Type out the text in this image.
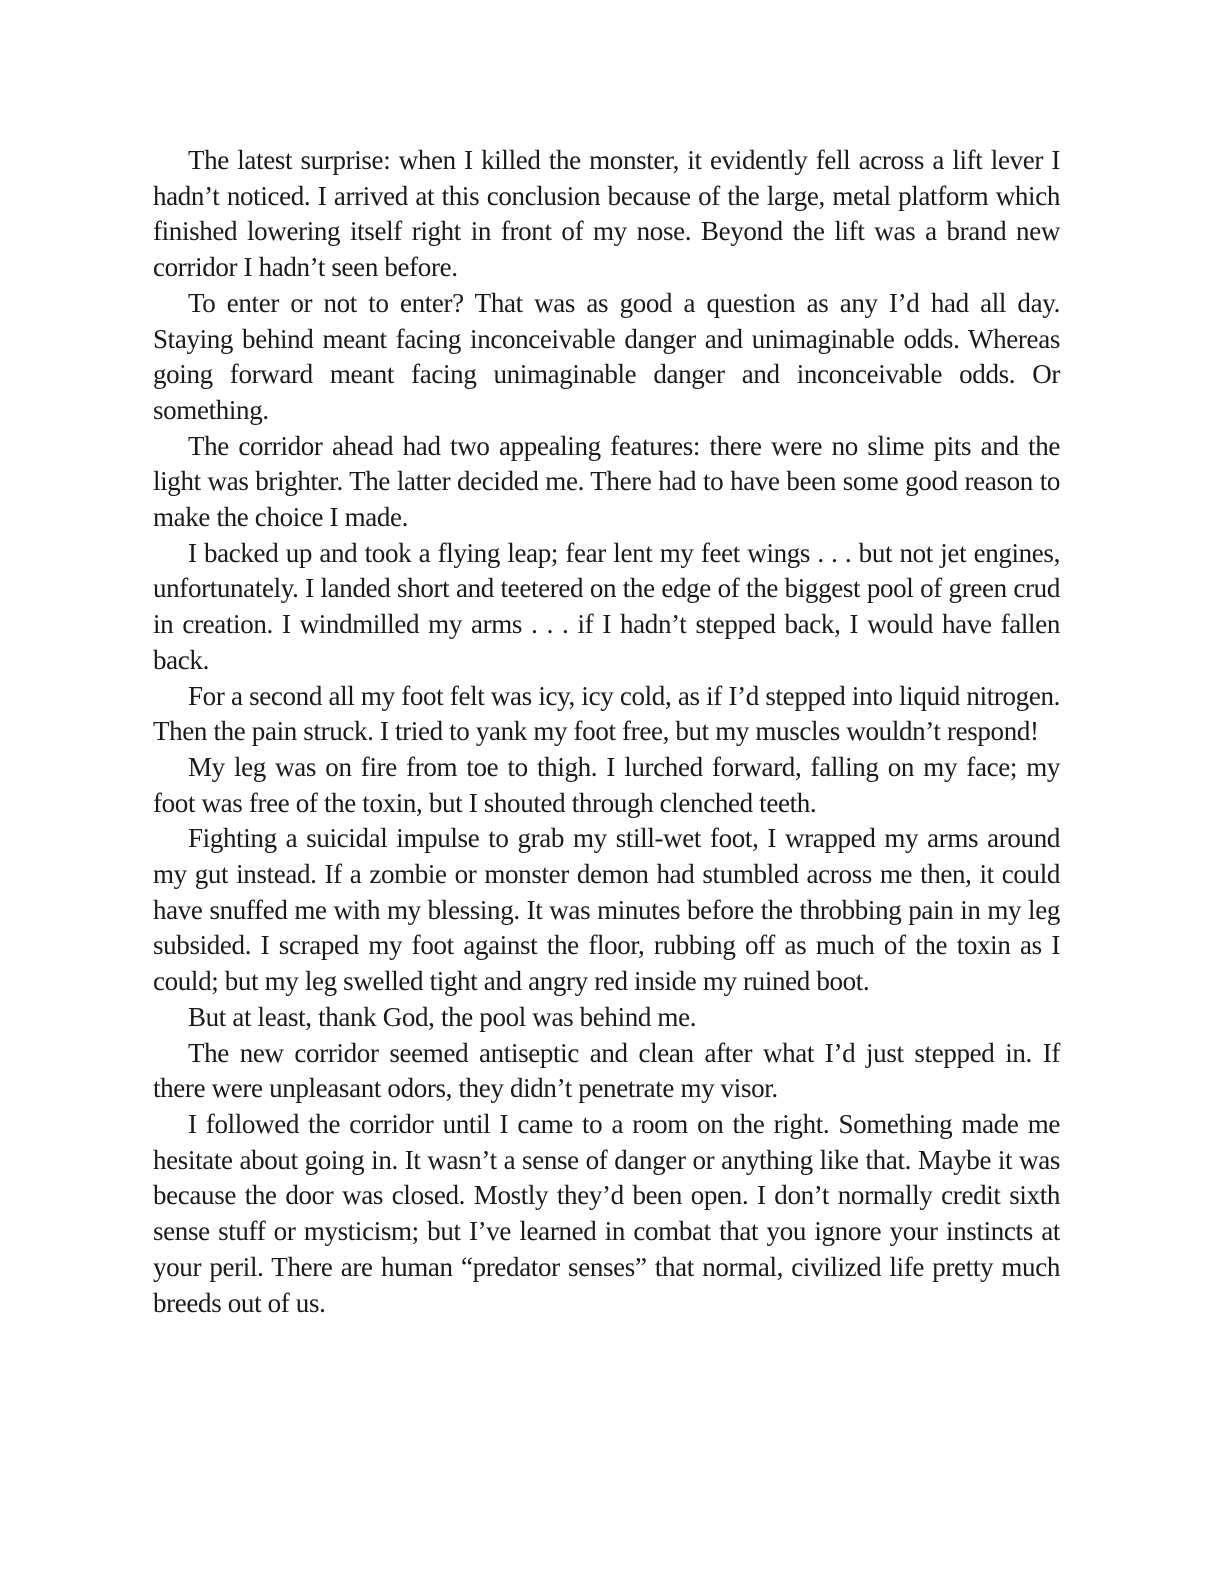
The latest surprise: when I killed the monster, it evidently fell across a lift lever I hadn’t noticed. I arrived at this conclusion because of the large, metal platform which finished lowering itself right in front of my nose. Beyond the lift was a brand new corridor I hadn’t seen before.

To enter or not to enter? That was as good a question as any I’d had all day. Staying behind meant facing inconceivable danger and unimaginable odds. Whereas going forward meant facing unimaginable danger and inconceivable odds. Or something.

The corridor ahead had two appealing features: there were no slime pits and the light was brighter. The latter decided me. There had to have been some good reason to make the choice I made.

I backed up and took a flying leap; fear lent my feet wings . . . but not jet engines, unfortunately. I landed short and teetered on the edge of the biggest pool of green crud in creation. I windmilled my arms . . . if I hadn’t stepped back, I would have fallen back.

For a second all my foot felt was icy, icy cold, as if I’d stepped into liquid nitrogen. Then the pain struck. I tried to yank my foot free, but my muscles wouldn’t respond!

My leg was on fire from toe to thigh. I lurched forward, falling on my face; my foot was free of the toxin, but I shouted through clenched teeth.

Fighting a suicidal impulse to grab my still-wet foot, I wrapped my arms around my gut instead. If a zombie or monster demon had stumbled across me then, it could have snuffed me with my blessing. It was minutes before the throbbing pain in my leg subsided. I scraped my foot against the floor, rubbing off as much of the toxin as I could; but my leg swelled tight and angry red inside my ruined boot.

But at least, thank God, the pool was behind me.

The new corridor seemed antiseptic and clean after what I’d just stepped in. If there were unpleasant odors, they didn’t penetrate my visor.

I followed the corridor until I came to a room on the right. Something made me hesitate about going in. It wasn’t a sense of danger or anything like that. Maybe it was because the door was closed. Mostly they’d been open. I don’t normally credit sixth sense stuff or mysticism; but I’ve learned in combat that you ignore your instincts at your peril. There are human “predator senses” that normal, civilized life pretty much breeds out of us.
